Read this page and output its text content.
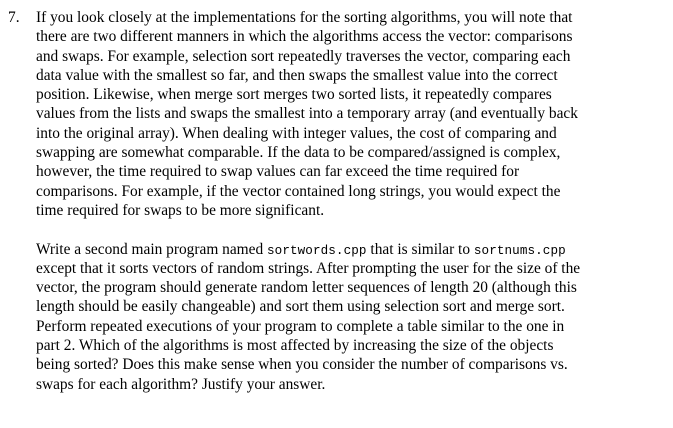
7. If you look closely at the implementations for the sorting algorithms, you will note that
there are two different manners in which the algorithms access the vector: comparisons
and swaps. For example, selection sort repeatedly traverses the vector, comparing each
data value with the smallest so far, and then swaps the smallest value into the correct
position. Likewise, when merge sort merges two sorted lists, it repeatedly compares
values from the lists and swaps the smallest into a temporary array (and eventually back
into the original array). When dealing with integer values, the cost of comparing and
swapping are somewhat comparable. If the data to be compared/assigned is complex,
however, the time required to swap values can far exceed the time required for
comparisons. For example, if the vector contained long strings, you would expect the
time required for swaps to be more significant.
Write a second main program named sortwords.cpp that is similar to sortnums.cpp
except that it sorts vectors of random strings. After prompting the user for the size of the
vector, the program should generate random letter sequences of length 20 (although this
length should be easily changeable) and sort them using selection sort and merge sort.
Perform repeated executions of your program to complete a table similar to the one in
part 2. Which of the algorithms is most affected by increasing the size of the objects
being sorted? Does this make sense when you consider the number of comparisons vs.
swaps for each algorithm? Justify your answer.
